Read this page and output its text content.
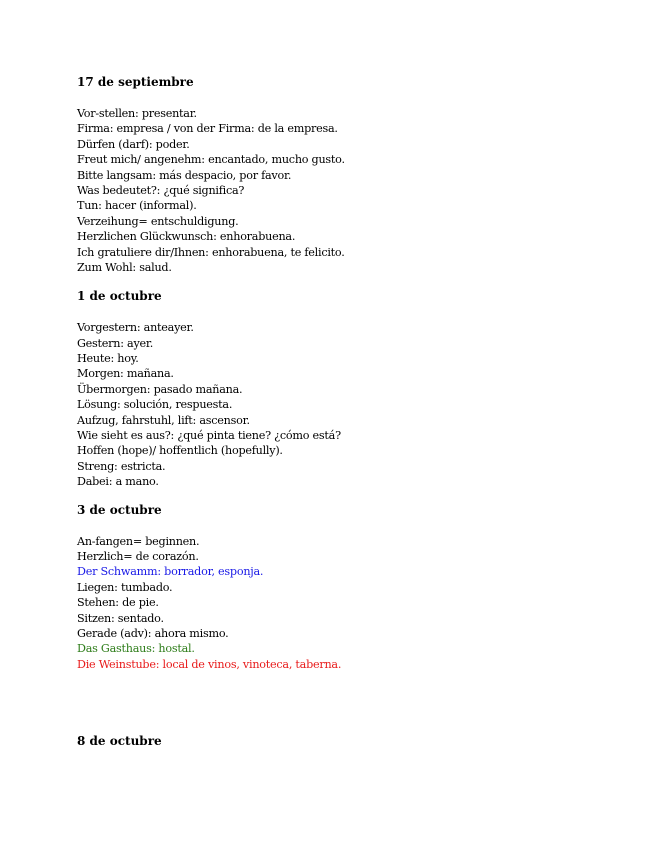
17 de septiembre
Vor-stellen: presentar.
Firma: empresa / von der Firma: de la empresa.
Dürfen (darf): poder.
Freut mich/ angenehm: encantado, mucho gusto.
Bitte langsam: más despacio, por favor.
Was bedeutet?: ¿qué significa?
Tun: hacer (informal).
Verzeihung= entschuldigung.
Herzlichen Glückwunsch: enhorabuena.
Ich gratuliere dir/Ihnen: enhorabuena, te felicito.
Zum Wohl: salud.
1 de octubre
Vorgestern: anteayer.
Gestern: ayer.
Heute: hoy.
Morgen: mañana.
Übermorgen: pasado mañana.
Lösung: solución, respuesta.
Aufzug, fahrstuhl, lift: ascensor.
Wie sieht es aus?: ¿qué pinta tiene? ¿cómo está?
Hoffen (hope)/ hoffentlich (hopefully).
Streng: estricta.
Dabei: a mano.
3 de octubre
An-fangen= beginnen.
Herzlich= de corazón.
Der Schwamm: borrador, esponja.
Liegen: tumbado.
Stehen: de pie.
Sitzen: sentado.
Gerade (adv): ahora mismo.
Das Gasthaus: hostal.
Die Weinstube: local de vinos, vinoteca, taberna.
8 de octubre
